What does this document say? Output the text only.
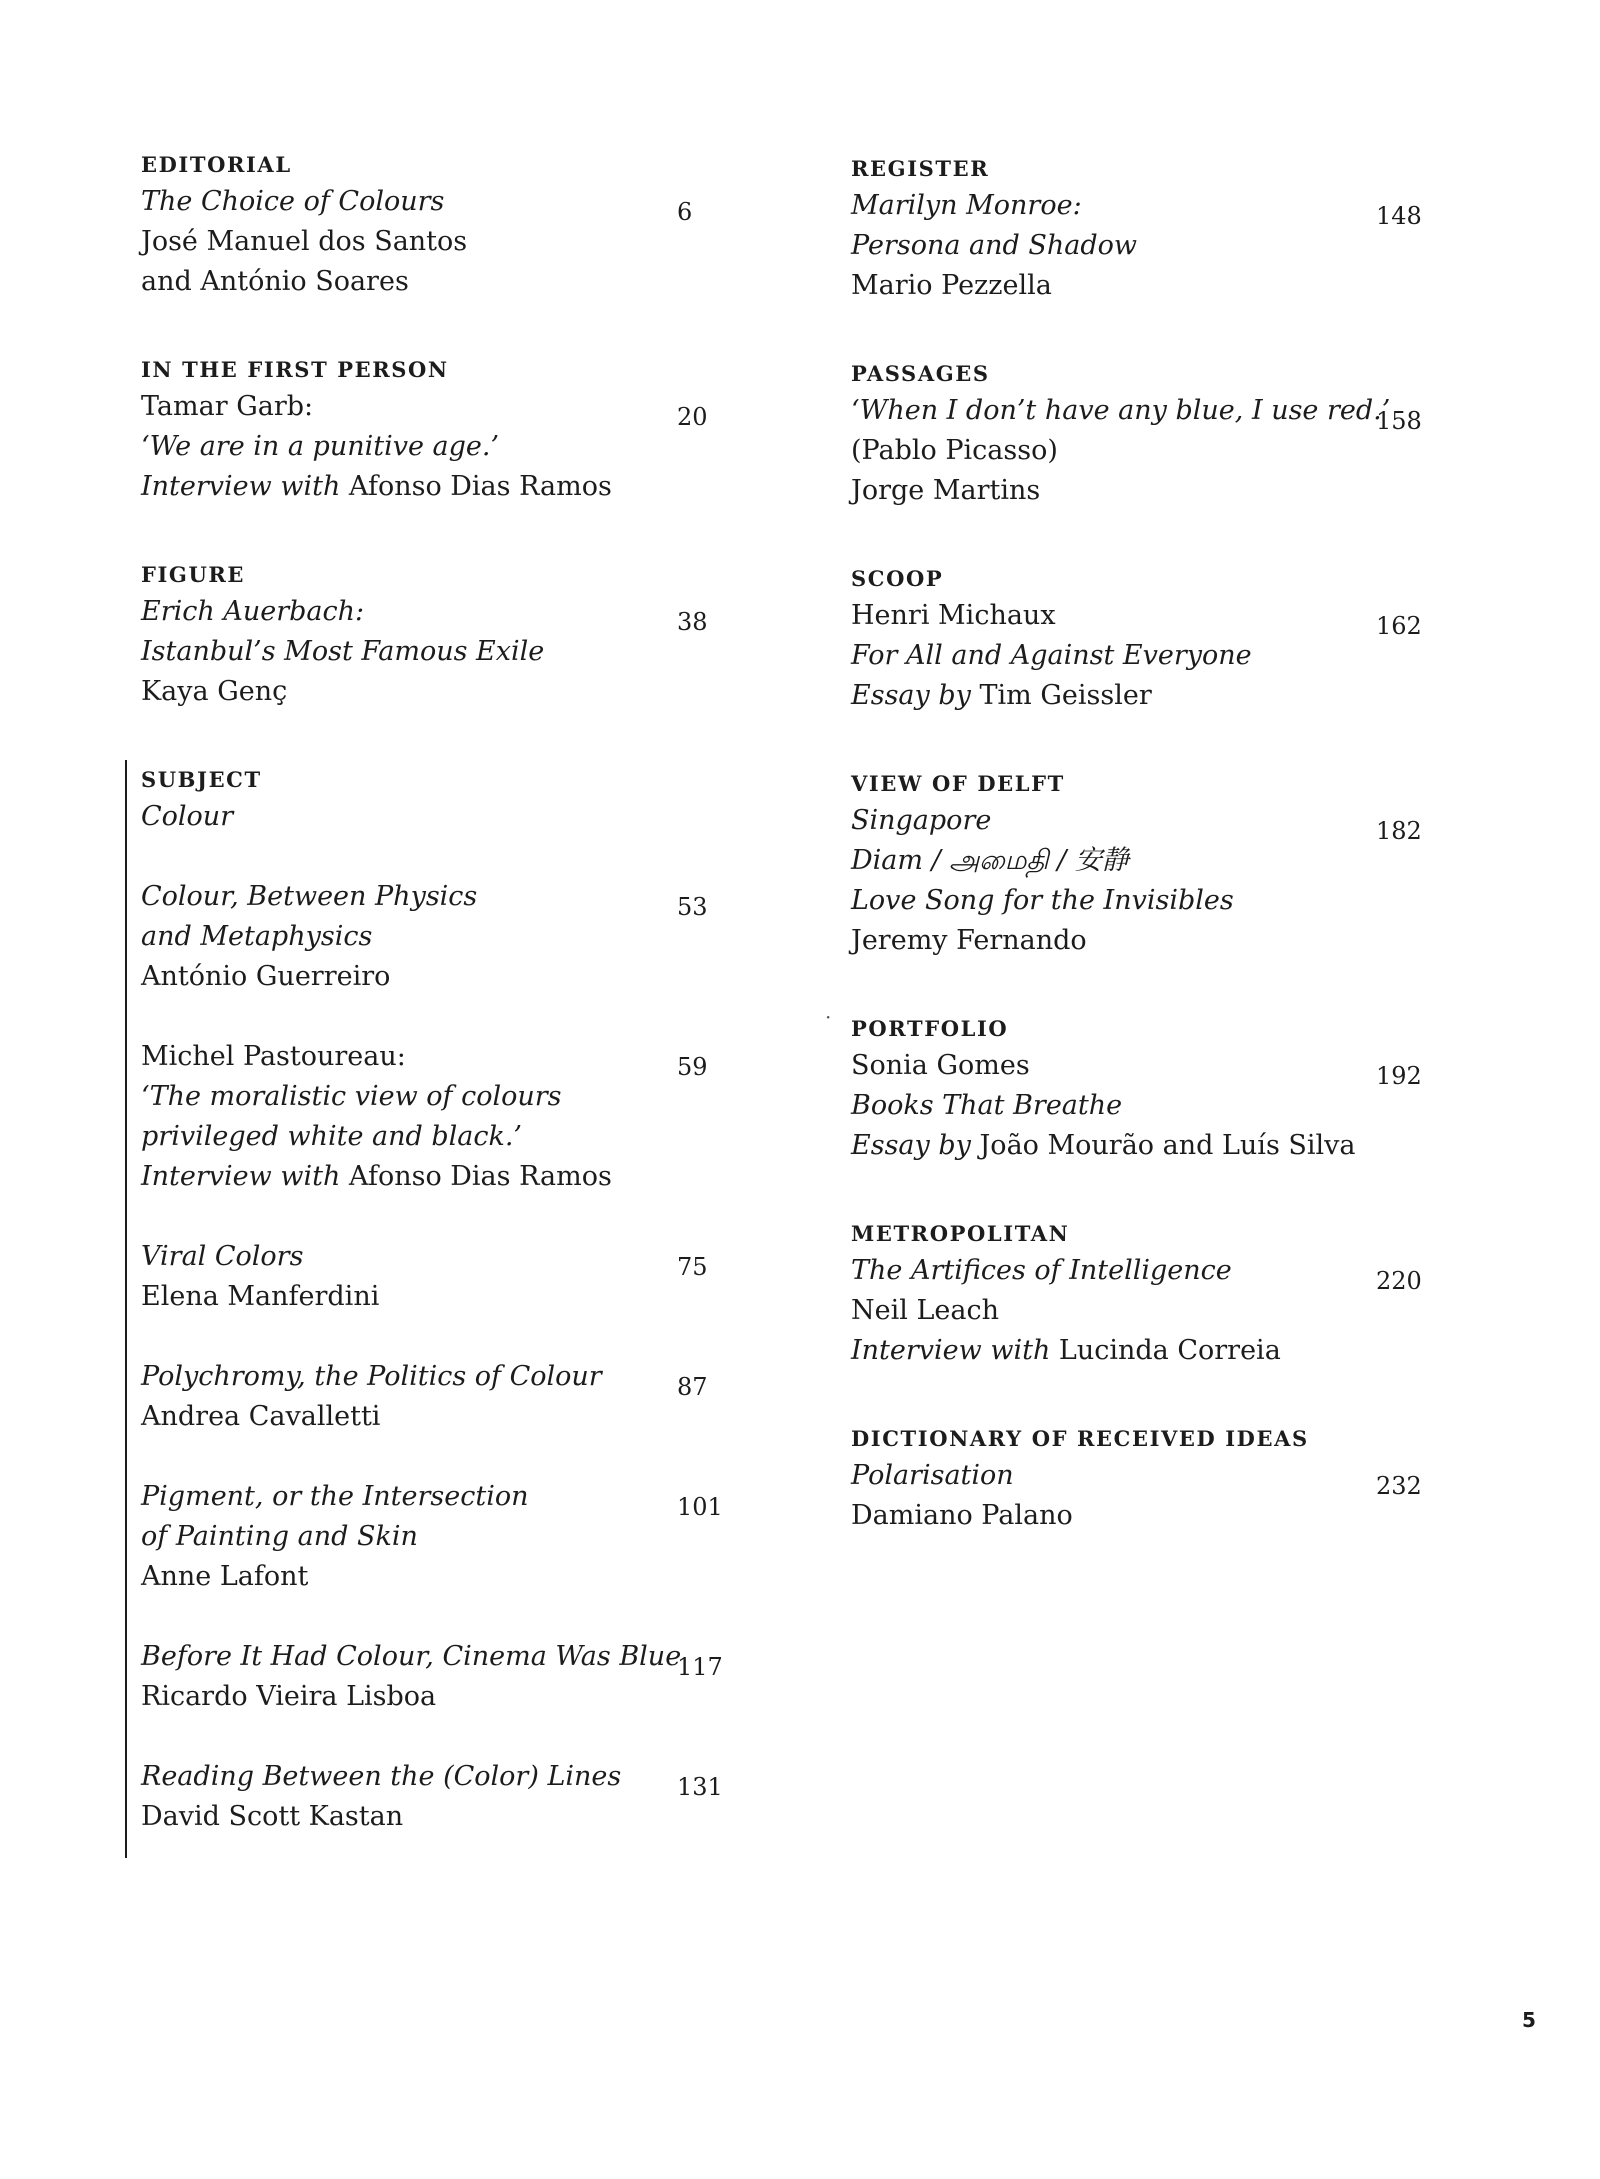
EDITORIAL
The Choice of Colours
José Manuel dos Santos
and António Soares
6
IN THE FIRST PERSON
Tamar Garb:
‘We are in a punitive age.’
Interview with Afonso Dias Ramos
20
FIGURE
Erich Auerbach:
Istanbul’s Most Famous Exile
Kaya Genç
38
SUBJECT
Colour
Colour, Between Physics
and Metaphysics
António Guerreiro
53
Michel Pastoureau:
‘The moralistic view of colours
privileged white and black.’
Interview with Afonso Dias Ramos
59
Viral Colors
Elena Manferdini
75
Polychromy, the Politics of Colour
Andrea Cavalletti
87
Pigment, or the Intersection
of Painting and Skin
Anne Lafont
101
Before It Had Colour, Cinema Was Blue
Ricardo Vieira Lisboa
117
Reading Between the (Color) Lines
David Scott Kastan
131
REGISTER
Marilyn Monroe:
Persona and Shadow
Mario Pezzella
148
PASSAGES
‘When I don’t have any blue, I use red.’
(Pablo Picasso)
Jorge Martins
158
SCOOP
Henri Michaux
For All and Against Everyone
Essay by Tim Geissler
162
VIEW OF DELFT
Singapore
Diam / அமைதி / 安静
Love Song for the Invisibles
Jeremy Fernando
182
PORTFOLIO
Sonia Gomes
Books That Breathe
Essay by João Mourão and Luís Silva
192
METROPOLITAN
The Artifices of Intelligence
Neil Leach
Interview with Lucinda Correia
220
DICTIONARY OF RECEIVED IDEAS
Polarisation
Damiano Palano
232
·
5
